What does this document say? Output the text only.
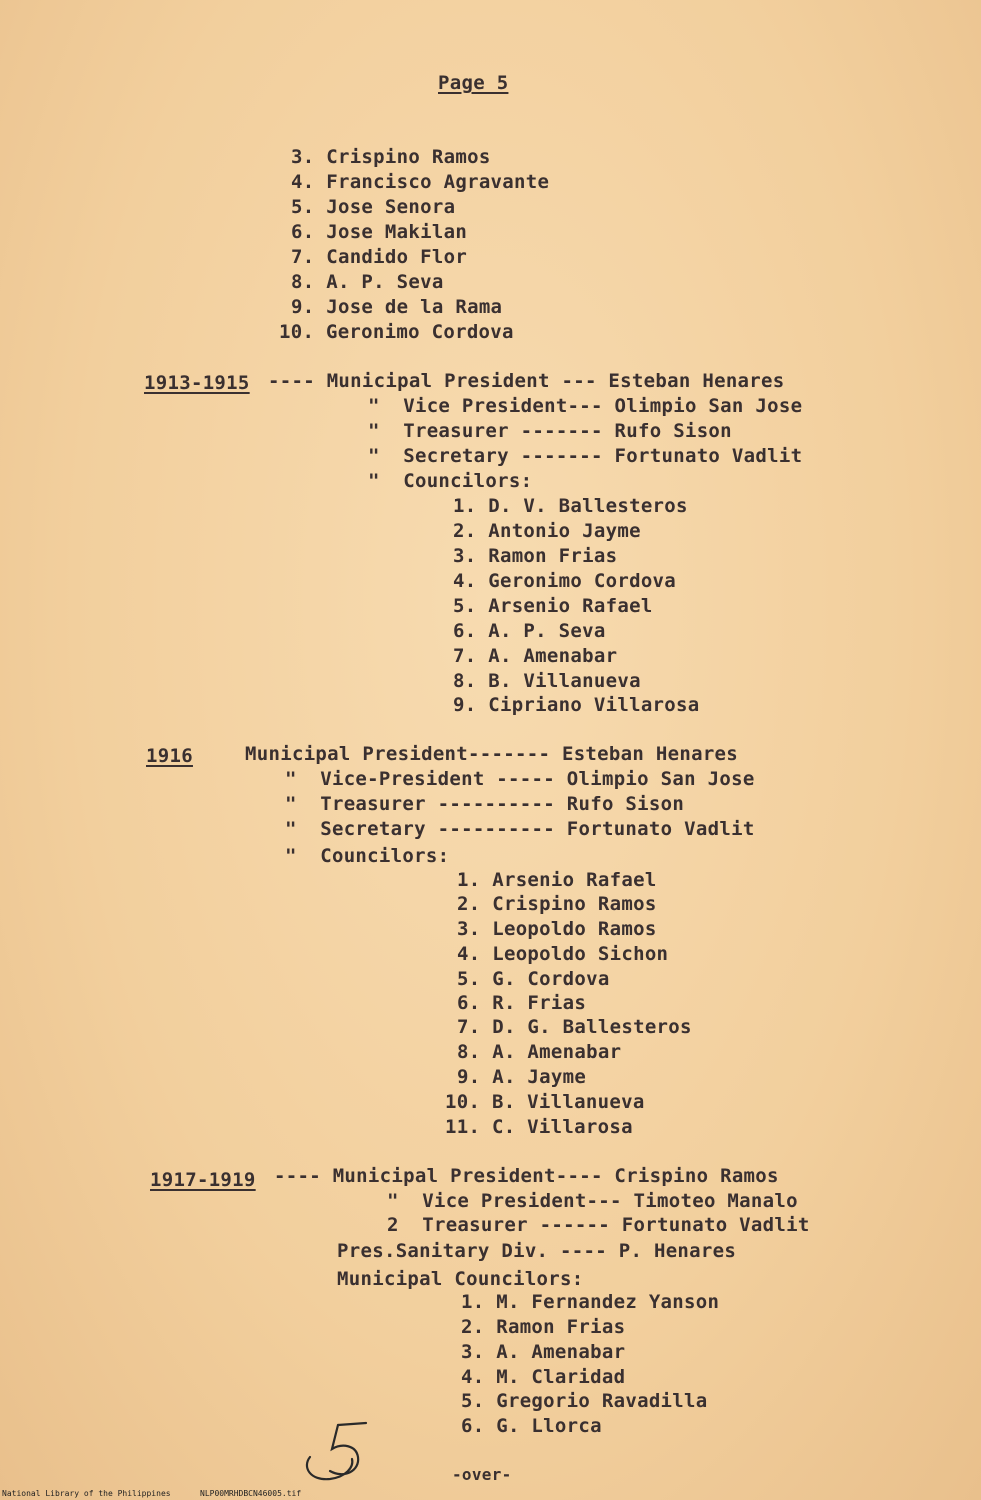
Page 5
3. Crispino Ramos
4. Francisco Agravante
5. Jose Senora
6. Jose Makilan
7. Candido Flor
8. A. P. Seva
9. Jose de la Rama
10. Geronimo Cordova
1913-1915 ---- Municipal President --- Esteban Henares
"  Vice President--- Olimpio San Jose
"  Treasurer ------- Rufo Sison
"  Secretary ------- Fortunato Vadlit
"  Councilors:
1. D. V. Ballesteros
2. Antonio Jayme
3. Ramon Frias
4. Geronimo Cordova
5. Arsenio Rafael
6. A. P. Seva
7. A. Amenabar
8. B. Villanueva
9. Cipriano Villarosa
1916	Municipal President------- Esteban Henares
"  Vice-President ----- Olimpio San Jose
"  Treasurer ---------- Rufo Sison
"  Secretary ---------- Fortunato Vadlit
"  Councilors:
1. Arsenio Rafael
2. Crispino Ramos
3. Leopoldo Ramos
4. Leopoldo Sichon
5. G. Cordova
6. R. Frias
7. D. G. Ballesteros
8. A. Amenabar
9. A. Jayme
10. B. Villanueva
11. C. Villarosa
1917-1919 ---- Municipal President---- Crispino Ramos
"  Vice President--- Timoteo Manalo
2  Treasurer ------ Fortunato Vadlit
Pres.Sanitary Div. ---- P. Henares
Municipal Councilors:
1. M. Fernandez Yanson
2. Ramon Frias
3. A. Amenabar
4. M. Claridad
5. Gregorio Ravadilla
6. G. Llorca
-over-
National Library of the Philippines	NLP00MRHDBCN46005.tif
